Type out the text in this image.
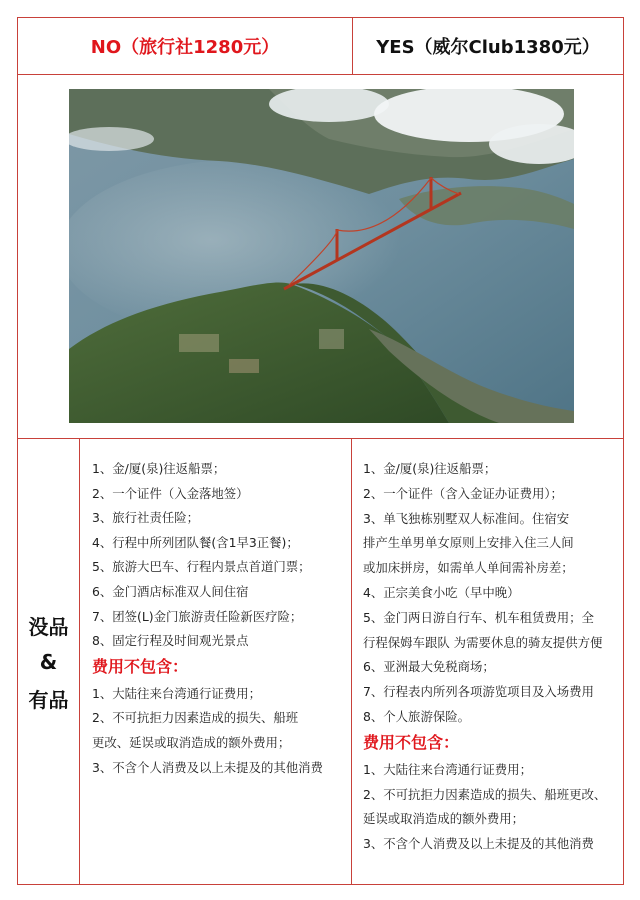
NO（旅行社1280元）	YES（威尔Club1380元）
没品
&
有品
1、金/厦(泉)往返船票；
2、一个证件（入金落地签）
3、旅行社责任险；
4、行程中所列团队餐(含1早3正餐)；
5、旅游大巴车、行程内景点首道门票；
6、金门酒店标准双人间住宿
7、团签(L)金门旅游责任险新医疗险；
8、固定行程及时间观光景点
费用不包含：
1、大陆往来台湾通行证费用；
2、不可抗拒力因素造成的损失、船班
更改、延误或取消造成的额外费用；
3、不含个人消费及以上未提及的其他消费
1、金/厦(泉)往返船票；
2、一个证件（含入金证办证费用）；
3、单飞独栋别墅双人标准间。住宿安
排产生单男单女原则上安排入住三人间
或加床拼房，如需单人单间需补房差；
4、正宗美食小吃（早中晚）
5、金门两日游自行车、机车租赁费用；全
行程保姆车跟队 为需要休息的骑友提供方便
6、亚洲最大免税商场；
7、行程表内所列各项游览项目及入场费用
8、个人旅游保险。
费用不包含：
1、大陆往来台湾通行证费用；
2、不可抗拒力因素造成的损失、船班更改、
延误或取消造成的额外费用；
3、不含个人消费及以上未提及的其他消费
